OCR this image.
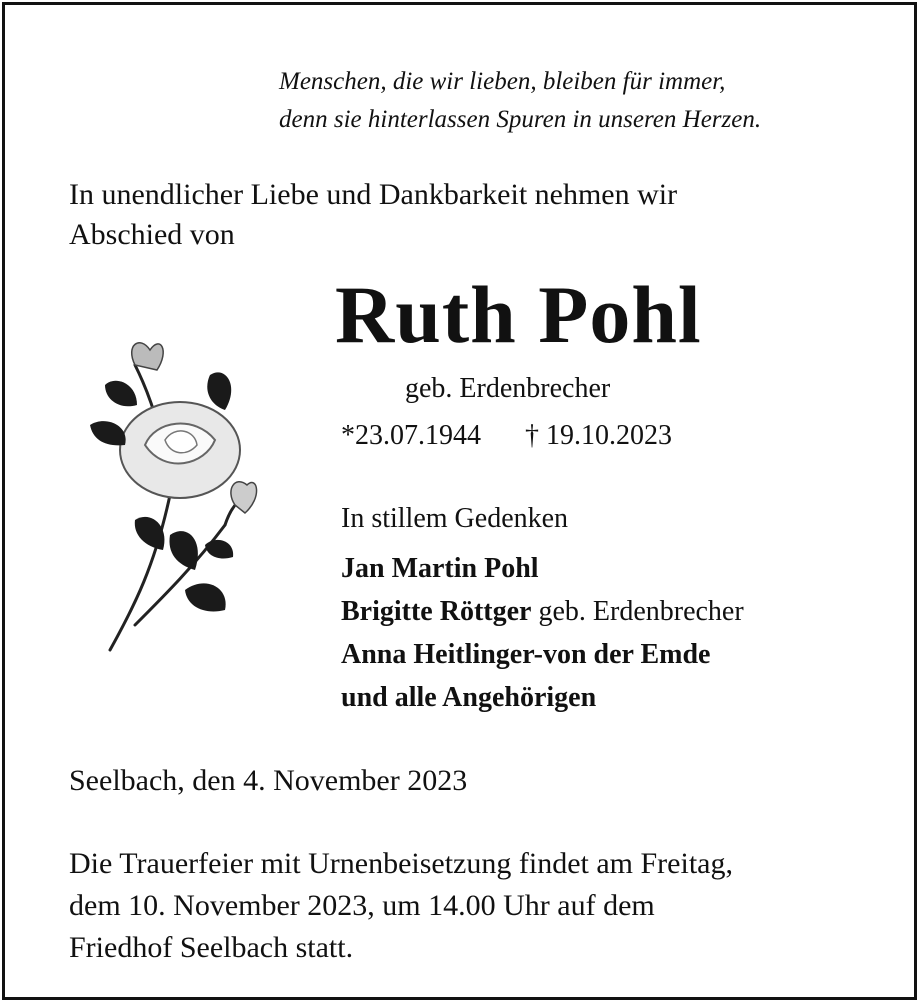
Menschen, die wir lieben, bleiben für immer,
denn sie hinterlassen Spuren in unseren Herzen.
In unendlicher Liebe und Dankbarkeit nehmen wir
Abschied von
Ruth Pohl
geb. Erdenbrecher
*23.07.1944 † 19.10.2023
In stillem Gedenken
Jan Martin Pohl
Brigitte Röttger geb. Erdenbrecher
Anna Heitlinger-von der Emde
und alle Angehörigen
Seelbach, den 4. November 2023
Die Trauerfeier mit Urnenbeisetzung findet am Freitag,
dem 10. November 2023, um 14.00 Uhr auf dem
Friedhof Seelbach statt.
